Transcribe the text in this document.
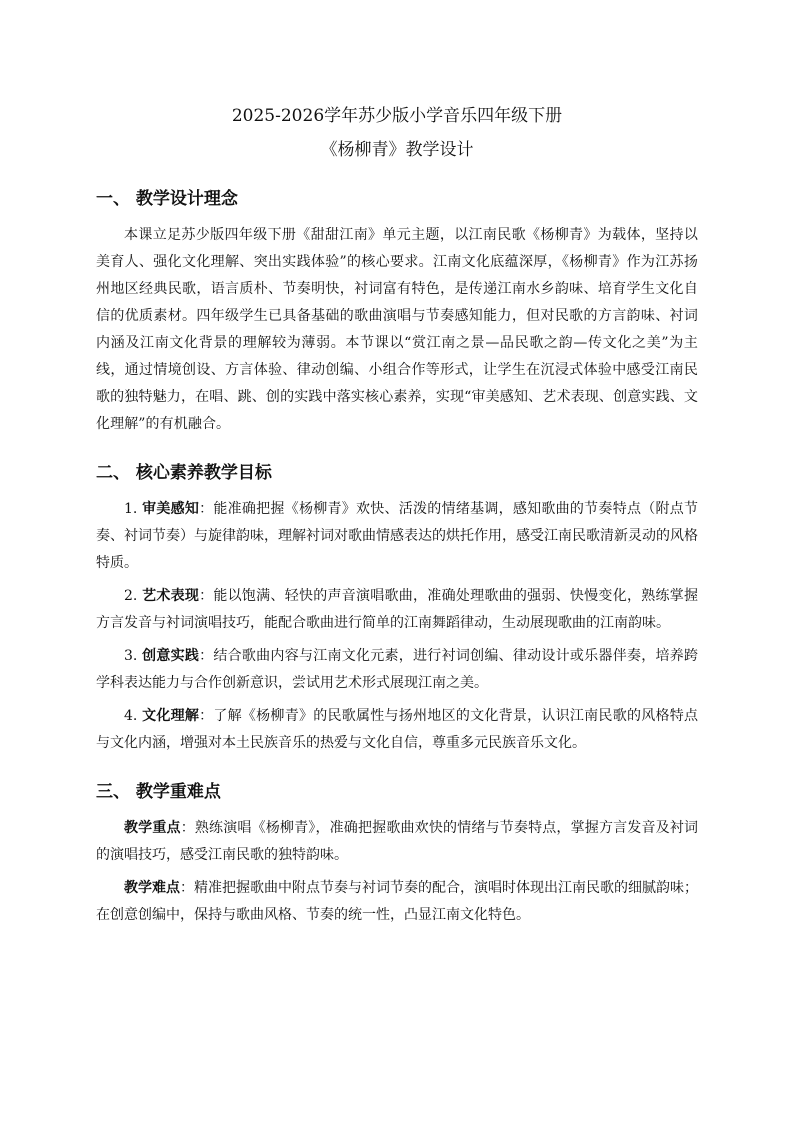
2025-2026学年苏少版小学音乐四年级下册

《杨柳青》教学设计

一、 教学设计理念

本课立足苏少版四年级下册《甜甜江南》单元主题，以江南民歌《杨柳青》为载体，坚持以美育人、强化文化理解、突出实践体验”的核心要求。江南文化底蕴深厚，《杨柳青》作为江苏扬州地区经典民歌，语言质朴、节奏明快，衬词富有特色，是传递江南水乡韵味、培育学生文化自信的优质素材。四年级学生已具备基础的歌曲演唱与节奏感知能力，但对民歌的方言韵味、衬词内涵及江南文化背景的理解较为薄弱。本节课以“赏江南之景—品民歌之韵—传文化之美”为主线，通过情境创设、方言体验、律动创编、小组合作等形式，让学生在沉浸式体验中感受江南民歌的独特魅力，在唱、跳、创的实践中落实核心素养，实现“审美感知、艺术表现、创意实践、文化理解”的有机融合。

二、 核心素养教学目标

1. 审美感知：能准确把握《杨柳青》欢快、活泼的情绪基调，感知歌曲的节奏特点（附点节奏、衬词节奏）与旋律韵味，理解衬词对歌曲情感表达的烘托作用，感受江南民歌清新灵动的风格特质。

2. 艺术表现：能以饱满、轻快的声音演唱歌曲，准确处理歌曲的强弱、快慢变化，熟练掌握方言发音与衬词演唱技巧，能配合歌曲进行简单的江南舞蹈律动，生动展现歌曲的江南韵味。

3. 创意实践：结合歌曲内容与江南文化元素，进行衬词创编、律动设计或乐器伴奏，培养跨学科表达能力与合作创新意识，尝试用艺术形式展现江南之美。

4. 文化理解：了解《杨柳青》的民歌属性与扬州地区的文化背景，认识江南民歌的风格特点与文化内涵，增强对本土民族音乐的热爱与文化自信，尊重多元民族音乐文化。

三、 教学重难点

教学重点：熟练演唱《杨柳青》，准确把握歌曲欢快的情绪与节奏特点，掌握方言发音及衬词的演唱技巧，感受江南民歌的独特韵味。

教学难点：精准把握歌曲中附点节奏与衬词节奏的配合，演唱时体现出江南民歌的细腻韵味；在创意创编中，保持与歌曲风格、节奏的统一性，凸显江南文化特色。
